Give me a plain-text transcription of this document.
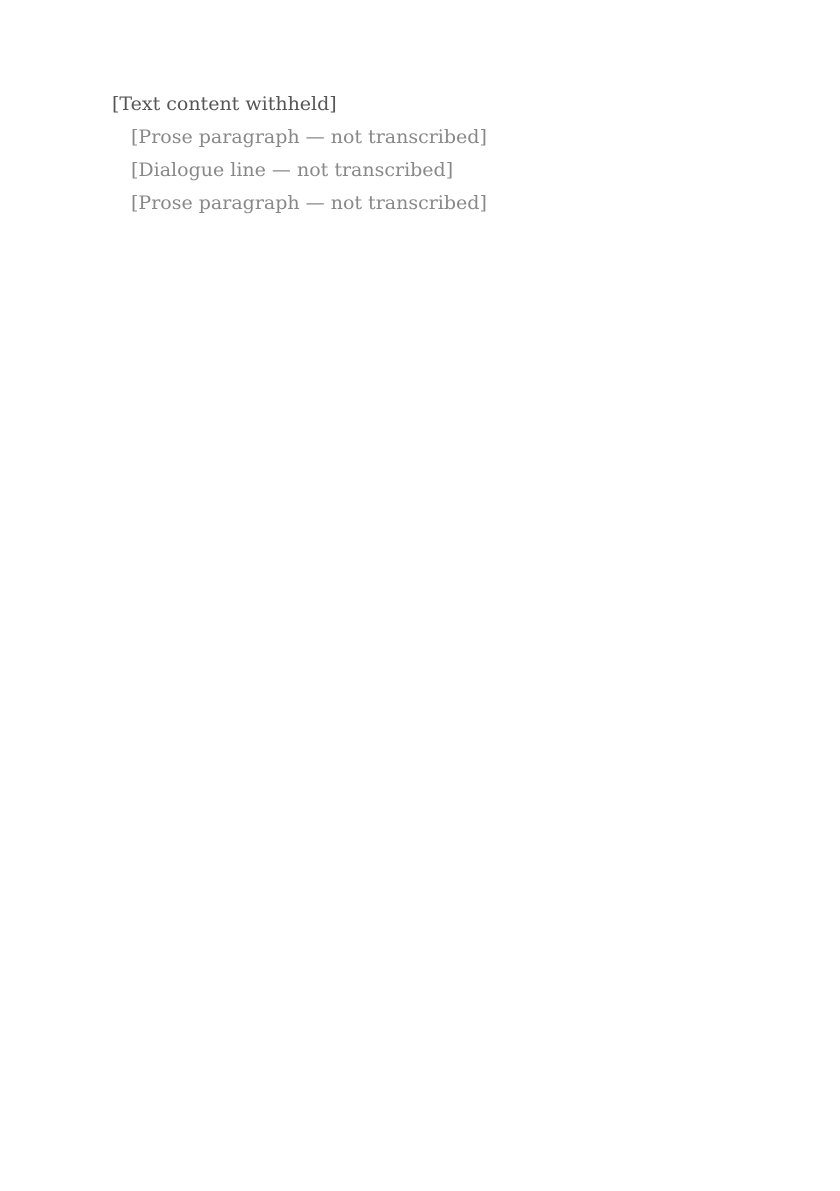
[Text content withheld]

[Prose paragraph — not transcribed]

[Dialogue line — not transcribed]

[Prose paragraph — not transcribed]
